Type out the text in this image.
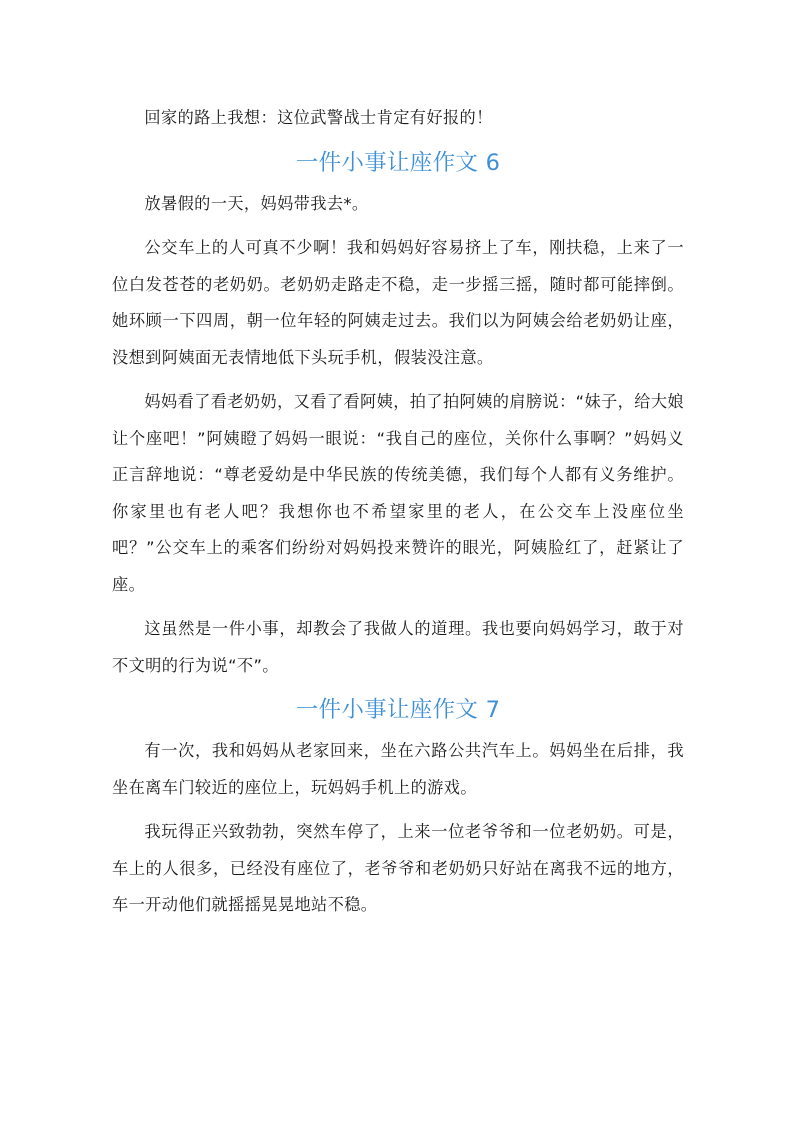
回家的路上我想：这位武警战士肯定有好报的！

一件小事让座作文 6

放暑假的一天，妈妈带我去*。

公交车上的人可真不少啊！我和妈妈好容易挤上了车，刚扶稳，上来了一位白发苍苍的老奶奶。老奶奶走路走不稳，走一步摇三摇，随时都可能摔倒。她环顾一下四周，朝一位年轻的阿姨走过去。我们以为阿姨会给老奶奶让座，没想到阿姨面无表情地低下头玩手机，假装没注意。

妈妈看了看老奶奶，又看了看阿姨，拍了拍阿姨的肩膀说：“妹子，给大娘让个座吧！”阿姨瞪了妈妈一眼说：“我自己的座位，关你什么事啊？”妈妈义正言辞地说：“尊老爱幼是中华民族的传统美德，我们每个人都有义务维护。你家里也有老人吧？我想你也不希望家里的老人，在公交车上没座位坐吧？”公交车上的乘客们纷纷对妈妈投来赞许的眼光，阿姨脸红了，赶紧让了座。

这虽然是一件小事，却教会了我做人的道理。我也要向妈妈学习，敢于对不文明的行为说“不”。

一件小事让座作文 7

有一次，我和妈妈从老家回来，坐在六路公共汽车上。妈妈坐在后排，我坐在离车门较近的座位上，玩妈妈手机上的游戏。

我玩得正兴致勃勃，突然车停了，上来一位老爷爷和一位老奶奶。可是，车上的人很多，已经没有座位了，老爷爷和老奶奶只好站在离我不远的地方，车一开动他们就摇摇晃晃地站不稳。
